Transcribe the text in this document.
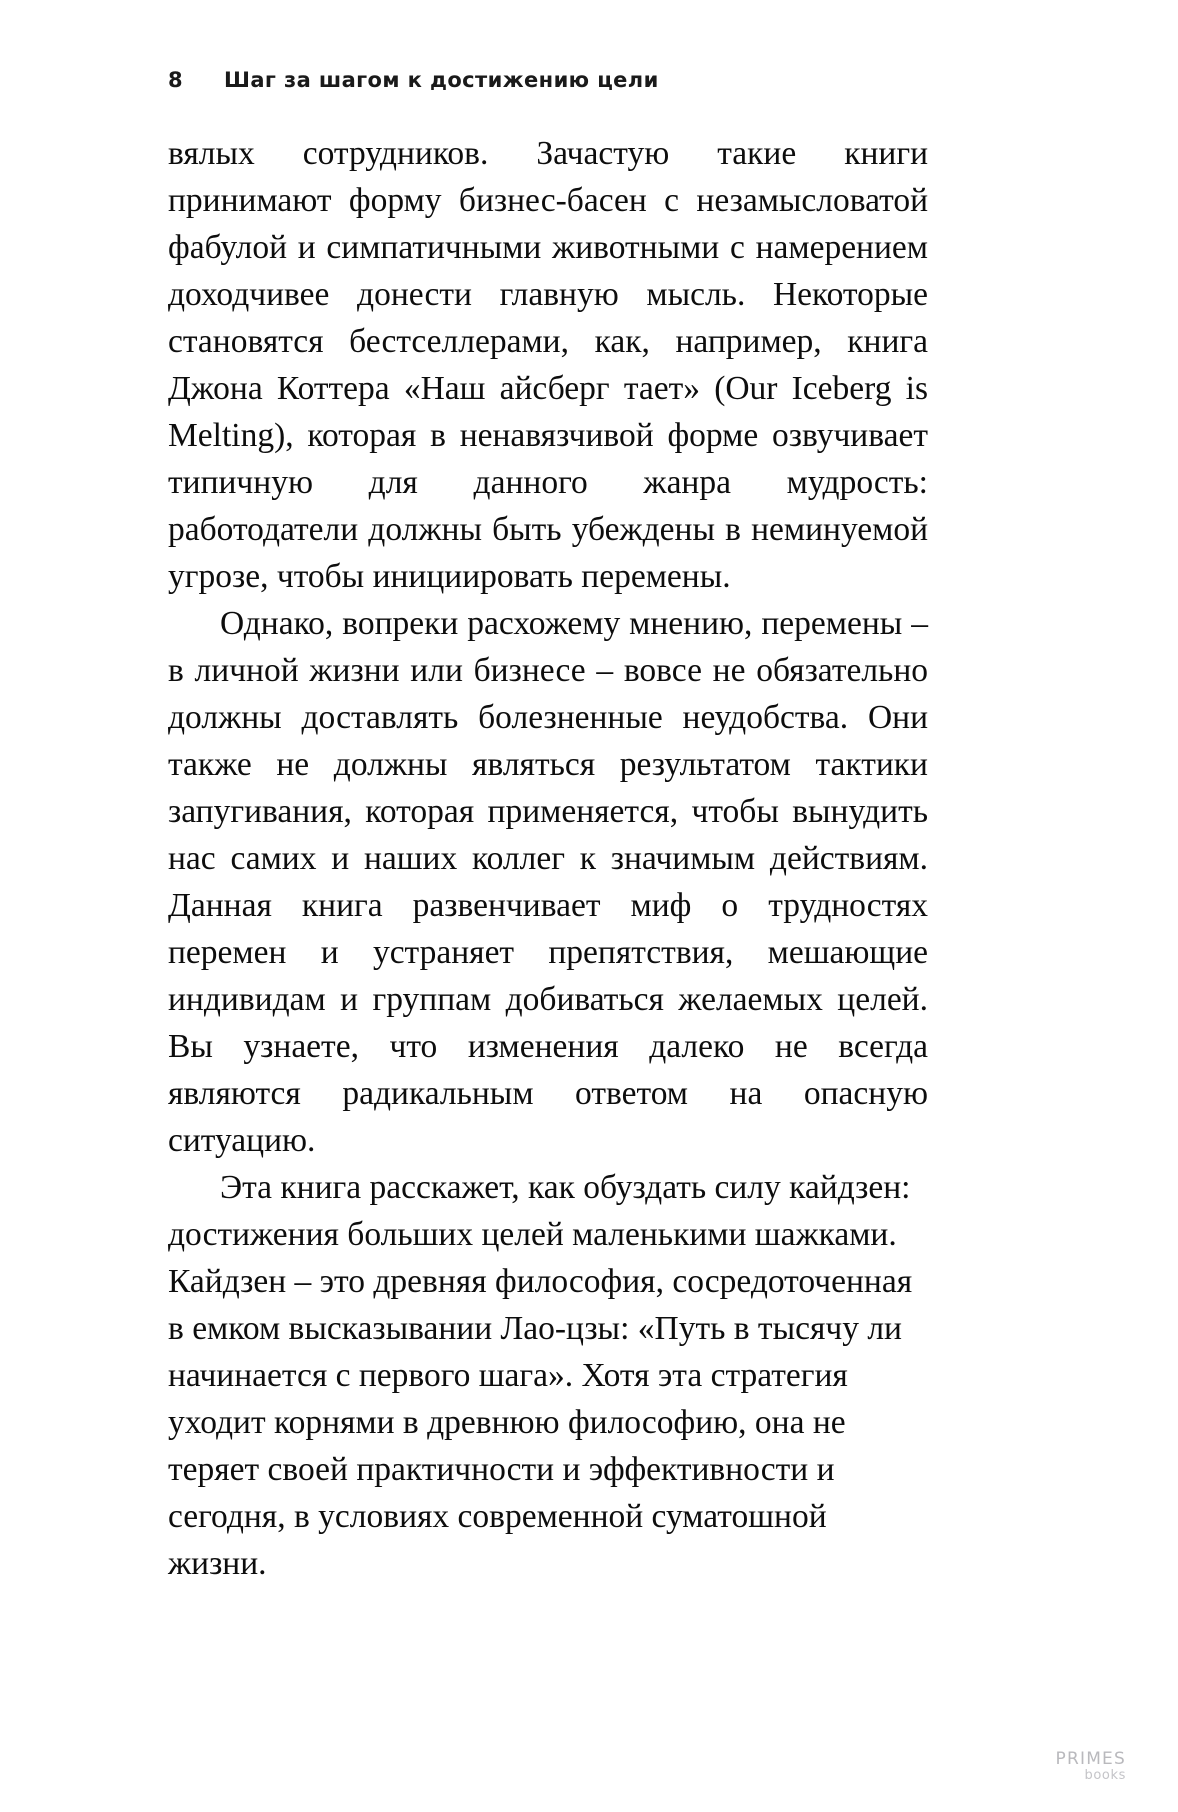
8	Шаг за шагом к достижению цели

вялых сотрудников. Зачастую такие книги принимают форму бизнес-басен с незамысловатой фабулой и симпатичными животными с намерением доходчивее донести главную мысль. Некоторые становятся бестселлерами, как, например, книга Джона Коттера «Наш айсберг тает» (Our Iceberg is Melting), которая в ненавязчивой форме озвучивает типичную для данного жанра мудрость: работодатели должны быть убеждены в неминуемой угрозе, чтобы инициировать перемены.

Однако, вопреки расхожему мнению, перемены – в личной жизни или бизнесе – вовсе не обязательно должны доставлять болезненные неудобства. Они также не должны являться результатом тактики запугивания, которая применяется, чтобы вынудить нас самих и наших коллег к значимым действиям. Данная книга развенчивает миф о трудностях перемен и устраняет препятствия, мешающие индивидам и группам добиваться желаемых целей. Вы узнаете, что изменения далеко не всегда являются радикальным ответом на опасную ситуацию.

Эта книга расскажет, как обуздать силу кайдзен: достижения больших целей маленькими шажками. Кайдзен – это древняя философия, сосредоточенная в емком высказывании Лао-цзы: «Путь в тысячу ли начинается с первого шага». Хотя эта стратегия уходит корнями в древнюю философию, она не теряет своей практичности и эффективности и сегодня, в условиях современной суматошной жизни.

PRIMES
books
